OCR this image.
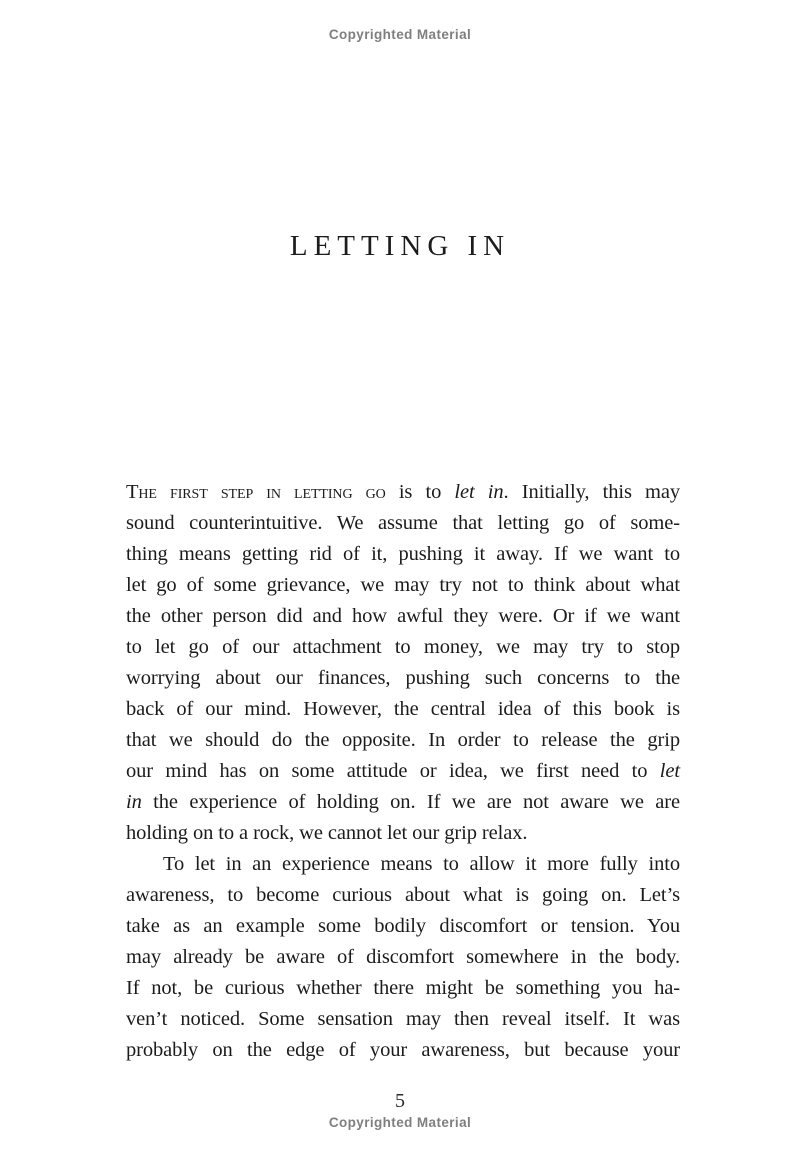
Copyrighted Material
LETTING IN
The first step in letting go is to let in. Initially, this may
sound counterintuitive. We assume that letting go of some-
thing means getting rid of it, pushing it away. If we want to
let go of some grievance, we may try not to think about what
the other person did and how awful they were. Or if we want
to let go of our attachment to money, we may try to stop
worrying about our finances, pushing such concerns to the
back of our mind. However, the central idea of this book is
that we should do the opposite. In order to release the grip
our mind has on some attitude or idea, we first need to let
in the experience of holding on. If we are not aware we are
holding on to a rock, we cannot let our grip relax.
To let in an experience means to allow it more fully into
awareness, to become curious about what is going on. Let’s
take as an example some bodily discomfort or tension. You
may already be aware of discomfort somewhere in the body.
If not, be curious whether there might be something you ha-
ven’t noticed. Some sensation may then reveal itself. It was
probably on the edge of your awareness, but because your
5
Copyrighted Material
